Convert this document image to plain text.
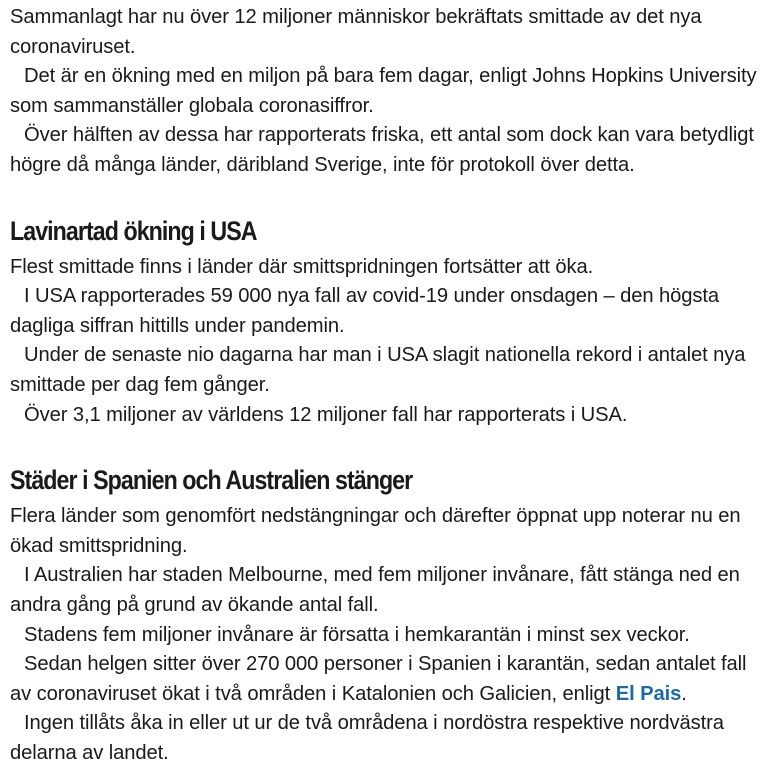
Sammanlagt har nu över 12 miljoner människor bekräftats smittade av det nya coronaviruset.

Det är en ökning med en miljon på bara fem dagar, enligt Johns Hopkins University som sammanställer globala coronasiffror.

Över hälften av dessa har rapporterats friska, ett antal som dock kan vara betydligt högre då många länder, däribland Sverige, inte för protokoll över detta.

Lavinartad ökning i USA

Flest smittade finns i länder där smittspridningen fortsätter att öka.

I USA rapporterades 59 000 nya fall av covid-19 under onsdagen – den högsta dagliga siffran hittills under pandemin.

Under de senaste nio dagarna har man i USA slagit nationella rekord i antalet nya smittade per dag fem gånger.

Över 3,1 miljoner av världens 12 miljoner fall har rapporterats i USA.

Städer i Spanien och Australien stänger

Flera länder som genomfört nedstängningar och därefter öppnat upp noterar nu en ökad smittspridning.

I Australien har staden Melbourne, med fem miljoner invånare, fått stänga ned en andra gång på grund av ökande antal fall.

Stadens fem miljoner invånare är försatta i hemkarantän i minst sex veckor.

Sedan helgen sitter över 270 000 personer i Spanien i karantän, sedan antalet fall av coronaviruset ökat i två områden i Katalonien och Galicien, enligt El Pais.

Ingen tillåts åka in eller ut ur de två områdena i nordöstra respektive nordvästra delarna av landet.
